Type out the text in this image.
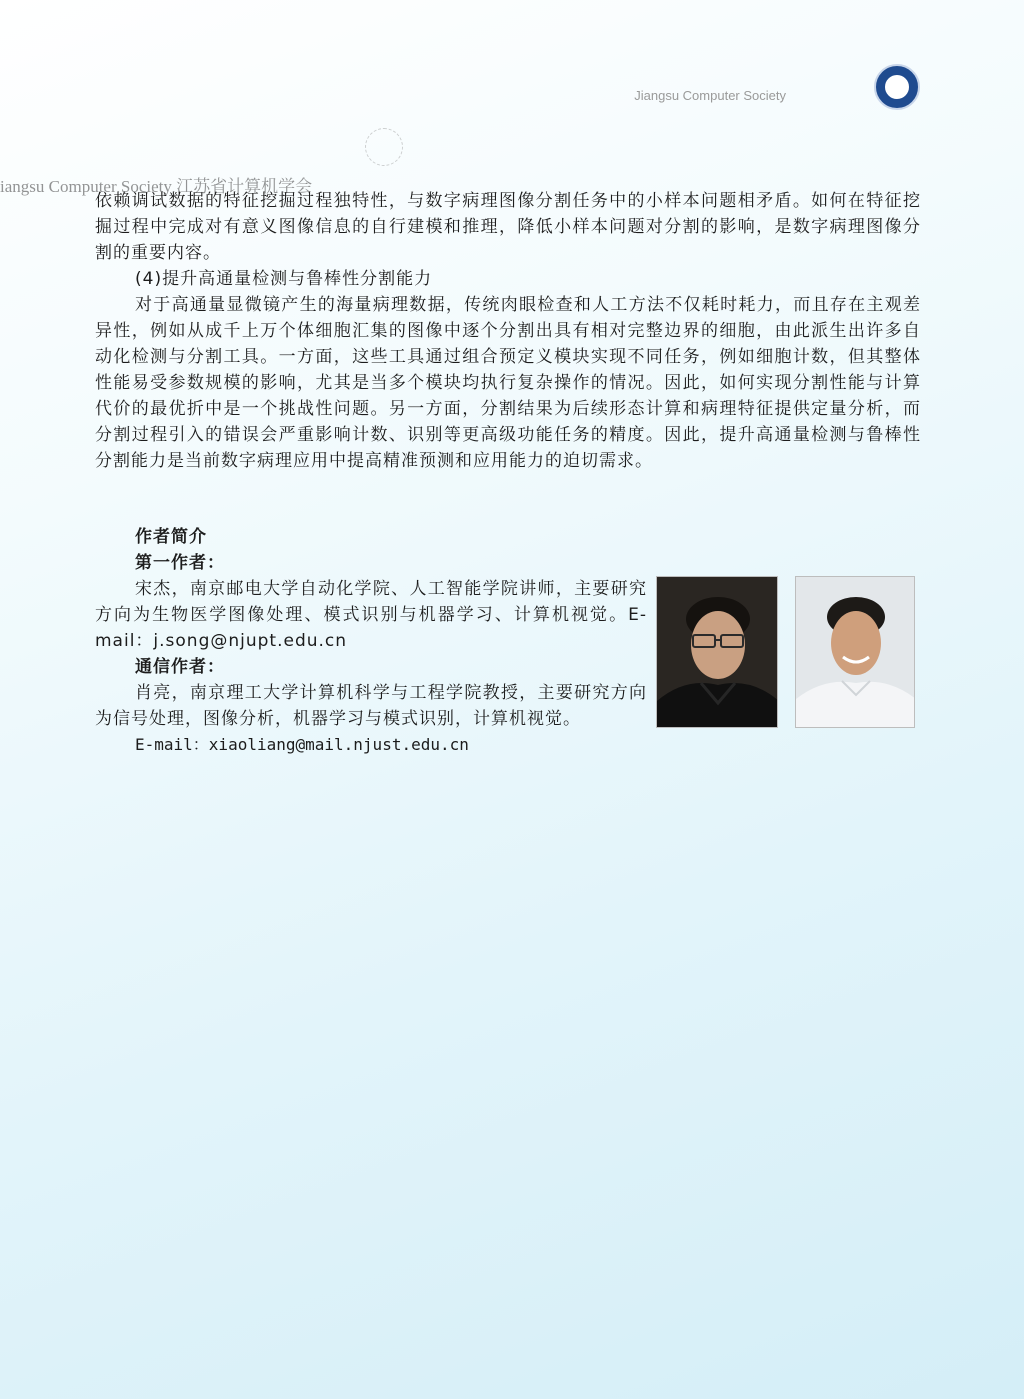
Jiangsu Computer Society
iangsu Computer Society 江苏省计算机学会

依赖调试数据的特征挖掘过程独特性，与数字病理图像分割任务中的小样本问题相矛盾。如何在特征挖掘过程中完成对有意义图像信息的自行建模和推理，降低小样本问题对分割的影响，是数字病理图像分割的重要内容。

(4)提升高通量检测与鲁棒性分割能力

对于高通量显微镜产生的海量病理数据，传统肉眼检查和人工方法不仅耗时耗力，而且存在主观差异性，例如从成千上万个体细胞汇集的图像中逐个分割出具有相对完整边界的细胞，由此派生出许多自动化检测与分割工具。一方面，这些工具通过组合预定义模块实现不同任务，例如细胞计数，但其整体性能易受参数规模的影响，尤其是当多个模块均执行复杂操作的情况。因此，如何实现分割性能与计算代价的最优折中是一个挑战性问题。另一方面，分割结果为后续形态计算和病理特征提供定量分析，而分割过程引入的错误会严重影响计数、识别等更高级功能任务的精度。因此，提升高通量检测与鲁棒性分割能力是当前数字病理应用中提高精准预测和应用能力的迫切需求。

作者简介
第一作者：

宋杰，南京邮电大学自动化学院、人工智能学院讲师，主要研究方向为生物医学图像处理、模式识别与机器学习、计算机视觉。E-mail：j.song@njupt.edu.cn

通信作者：

肖亮，南京理工大学计算机科学与工程学院教授，主要研究方向为信号处理，图像分析，机器学习与模式识别，计算机视觉。

E-mail：xiaoliang@mail.njust.edu.cn
